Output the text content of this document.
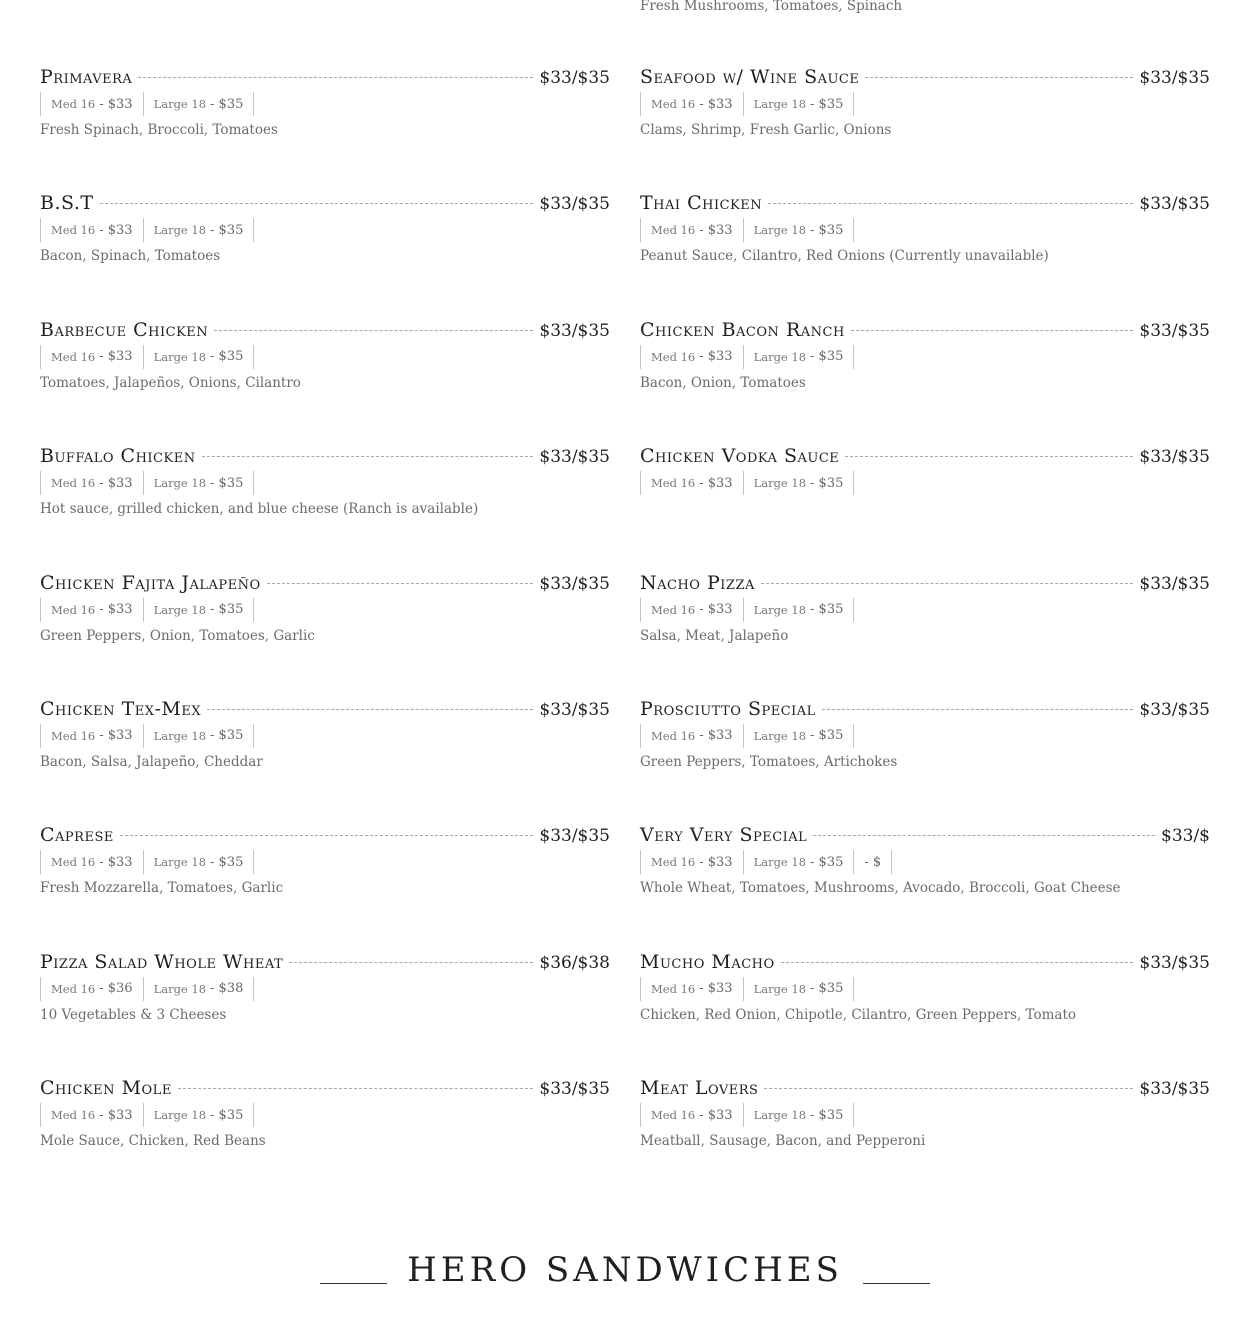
Fresh Mushrooms, Tomatoes, Spinach
Primavera	$33/$35
Med 16 - $33 Large 18 - $35
Fresh Spinach, Broccoli, Tomatoes
B.S.T	$33/$35
Med 16 - $33 Large 18 - $35
Bacon, Spinach, Tomatoes
Barbecue Chicken	$33/$35
Med 16 - $33 Large 18 - $35
Tomatoes, Jalapeños, Onions, Cilantro
Buffalo Chicken	$33/$35
Med 16 - $33 Large 18 - $35
Hot sauce, grilled chicken, and blue cheese (Ranch is available)
Chicken Fajita Jalapeño	$33/$35
Med 16 - $33 Large 18 - $35
Green Peppers, Onion, Tomatoes, Garlic
Chicken Tex-Mex	$33/$35
Med 16 - $33 Large 18 - $35
Bacon, Salsa, Jalapeño, Cheddar
Caprese	$33/$35
Med 16 - $33 Large 18 - $35
Fresh Mozzarella, Tomatoes, Garlic
Pizza Salad Whole Wheat	$36/$38
Med 16 - $36 Large 18 - $38
10 Vegetables & 3 Cheeses
Chicken Mole	$33/$35
Med 16 - $33 Large 18 - $35
Mole Sauce, Chicken, Red Beans
Seafood w/ Wine Sauce	$33/$35
Med 16 - $33 Large 18 - $35
Clams, Shrimp, Fresh Garlic, Onions
Thai Chicken	$33/$35
Med 16 - $33 Large 18 - $35
Peanut Sauce, Cilantro, Red Onions (Currently unavailable)
Chicken Bacon Ranch	$33/$35
Med 16 - $33 Large 18 - $35
Bacon, Onion, Tomatoes
Chicken Vodka Sauce	$33/$35
Med 16 - $33 Large 18 - $35
Nacho Pizza	$33/$35
Med 16 - $33 Large 18 - $35
Salsa, Meat, Jalapeño
Prosciutto Special	$33/$35
Med 16 - $33 Large 18 - $35
Green Peppers, Tomatoes, Artichokes
Very Very Special	$33/$
Med 16 - $33 Large 18 - $35 - $
Whole Wheat, Tomatoes, Mushrooms, Avocado, Broccoli, Goat Cheese
Mucho Macho	$33/$35
Med 16 - $33 Large 18 - $35
Chicken, Red Onion, Chipotle, Cilantro, Green Peppers, Tomato
Meat Lovers	$33/$35
Med 16 - $33 Large 18 - $35
Meatball, Sausage, Bacon, and Pepperoni
HERO SANDWICHES
